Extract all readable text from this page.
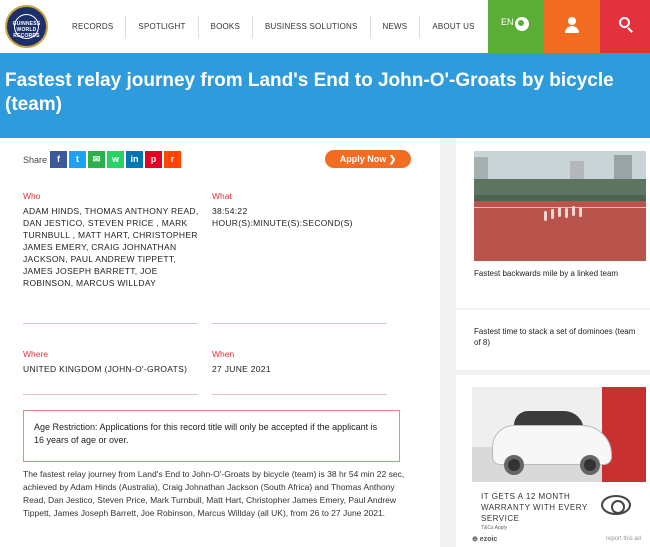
GUINNESS WORLD RECORDS
RECORDS	SPOTLIGHT	BOOKS	BUSINESS SOLUTIONS	NEWS	ABOUT US	EN
Fastest relay journey from Land's End to John-O'-Groats by bicycle (team)
Share	f	t	✉	w	in	p	r	Apply Now ❯
Who
ADAM HINDS, THOMAS ANTHONY READ, DAN JESTICO, STEVEN PRICE , MARK TURNBULL , MATT HART, CHRISTOPHER JAMES EMERY, CRAIG JOHNATHAN JACKSON, PAUL ANDREW TIPPETT, JAMES JOSEPH BARRETT, JOE ROBINSON, MARCUS WILLDAY
What
38:54:22
HOUR(S):MINUTE(S):SECOND(S)
Where
UNITED KINGDOM (JOHN-O'-GROATS)
When
27 JUNE 2021
Age Restriction: Applications for this record title will only be accepted if the applicant is 16 years of age or over.
The fastest relay journey from Land's End to John-O'-Groats by bicycle (team) is 38 hr 54 min 22 sec, achieved by Adam Hinds (Australia), Craig Johnathan Jackson (South Africa) and Thomas Anthony Read, Dan Jestico, Steven Price, Mark Turnbull, Matt Hart, Christopher James Emery, Paul Andrew Tippett, James Joseph Barrett, Joe Robinson, Marcus Willday (all UK), from 26 to 27 June 2021.
Fastest backwards mile by a linked team
Fastest time to stack a set of dominoes (team of 8)
IT GETS A 12 MONTH WARRANTY WITH EVERY SERVICE
T&Cs Apply
⊕ ezoic	report this ad
